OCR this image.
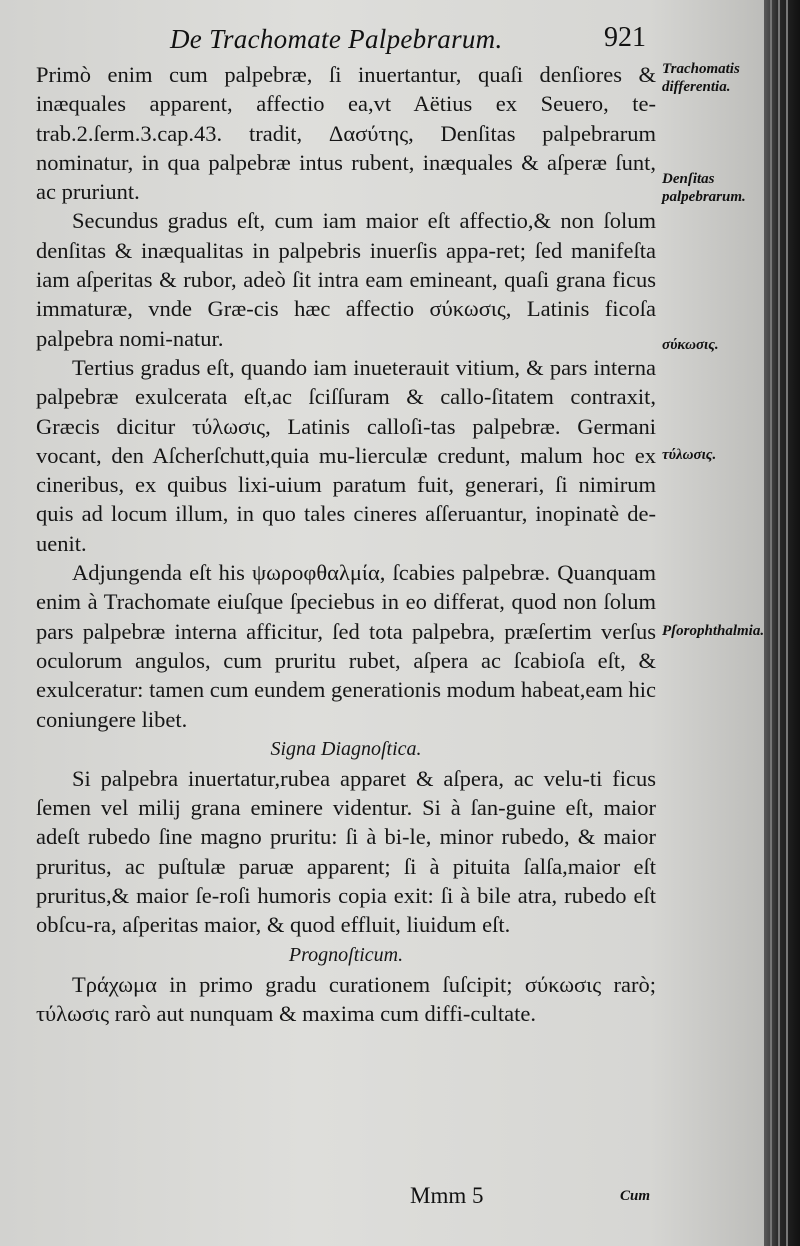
De Trachomate Palpebrarum.	921

Primò enim cum palpebræ, ſi inuertantur, quaſi denſiores & inæquales apparent, affectio ea,vt Aëtius ex Seuero, te-trab.2.ſerm.3.cap.43. tradit, Δασύτης, Denſitas palpebrarum nominatur, in qua palpebræ intus rubent, inæquales & aſperæ ſunt, ac pruriunt.

Secundus gradus eſt, cum iam maior eſt affectio,& non ſolum denſitas & inæqualitas in palpebris inuerſis appa-ret; ſed manifeſta iam aſperitas & rubor, adeò ſit intra eam emineant, quaſi grana ficus immaturæ, vnde Græ-cis hæc affectio σύκωσις, Latinis ficoſa palpebra nomi-natur.

Tertius gradus eſt, quando iam inueterauit vitium, & pars interna palpebræ exulcerata eſt,ac ſciſſuram & callo-ſitatem contraxit, Græcis dicitur τύλωσις, Latinis calloſi-tas palpebræ. Germani vocant, den Aſcherſchutt,quia mu-lierculæ credunt, malum hoc ex cineribus, ex quibus lixi-uium paratum fuit, generari, ſi nimirum quis ad locum illum, in quo tales cineres aſſeruantur, inopinatè de-uenit.

Adjungenda eſt his ψωροφθαλμία, ſcabies palpebræ. Quanquam enim à Trachomate eiuſque ſpeciebus in eo differat, quod non ſolum pars palpebræ interna afficitur, ſed tota palpebra, præſertim verſus oculorum angulos, cum pruritu rubet, aſpera ac ſcabioſa eſt, & exulceratur: tamen cum eundem generationis modum habeat,eam hic coniungere libet.

Signa Diagnoſtica.

Si palpebra inuertatur,rubea apparet & aſpera, ac velu-ti ficus ſemen vel milij grana eminere videntur. Si à ſan-guine eſt, maior adeſt rubedo ſine magno pruritu: ſi à bi-le, minor rubedo, & maior pruritus, ac puſtulæ paruæ apparent; ſi à pituita ſalſa,maior eſt pruritus,& maior ſe-roſi humoris copia exit: ſi à bile atra, rubedo eſt obſcu-ra, aſperitas maior, & quod effluit, liuidum eſt.

Prognoſticum.

Τράχωμα in primo gradu curationem ſuſcipit; σύκωσις rarò; τύλωσις rarò aut nunquam & maxima cum diffi-cultate.

Trachomatis differentia.
Denſitas palpebrarum.
σύκωσις.
τύλωσις.
Pſorophthalmia.
Mmm 5	Cum
